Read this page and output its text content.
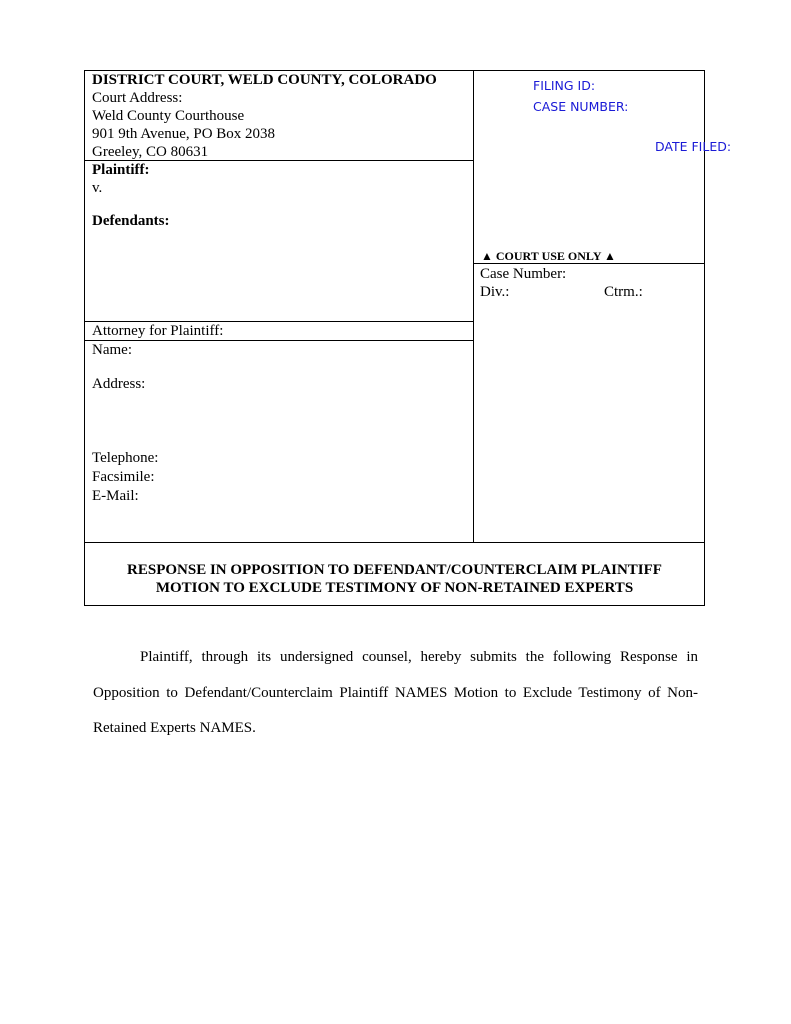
DISTRICT COURT, WELD COUNTY, COLORADO
Court Address:
Weld County Courthouse
901 9th Avenue, PO Box 2038
Greeley, CO 80631
Plaintiff:
v.
Defendants:
FILING ID:
CASE NUMBER:
DATE FILED:
▲ COURT USE ONLY ▲
Case Number:
Div.:	Ctrm.:
Attorney for Plaintiff:
Name:
Address:
Telephone:
Facsimile:
E-Mail:
RESPONSE IN OPPOSITION TO DEFENDANT/COUNTERCLAIM PLAINTIFF
MOTION TO EXCLUDE TESTIMONY OF NON-RETAINED EXPERTS

Plaintiff, through its undersigned counsel, hereby submits the following Response in Opposition to Defendant/Counterclaim Plaintiff NAMES Motion to Exclude Testimony of Non-Retained Experts NAMES.
